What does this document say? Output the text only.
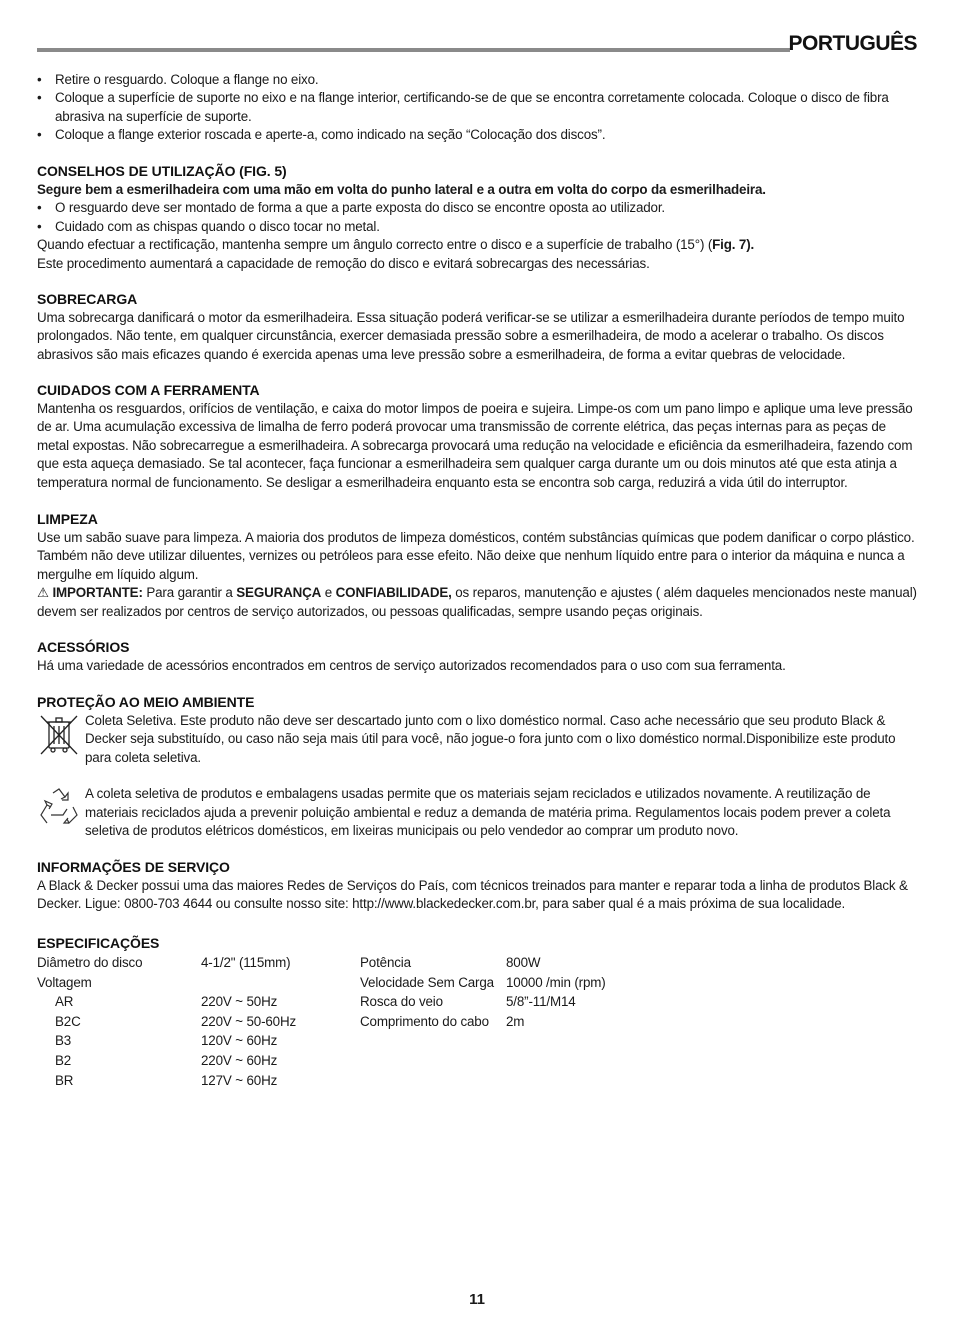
PORTUGUÊS
• Retire o resguardo. Coloque a flange no eixo.
• Coloque a superfície de suporte no eixo e na flange interior, certificando-se de que se encontra corretamente colocada. Coloque o disco de fibra abrasiva na superfície de suporte.
• Coloque a flange exterior roscada e aperte-a, como indicado na seção “Colocação dos discos”.
CONSELHOS DE UTILIZAÇÃO (FIG. 5)
Segure bem a esmerilhadeira com uma mão em volta do punho lateral e a outra em volta do corpo da esmerilhadeira.
• O resguardo deve ser montado de forma a que a parte exposta do disco se encontre oposta ao utilizador.
• Cuidado com as chispas quando o disco tocar no metal.
Quando efectuar a rectificação, mantenha sempre um ângulo correcto entre o disco e a superfície de trabalho (15°) (Fig. 7).
Este procedimento aumentará a capacidade de remoção do disco e evitará sobrecargas des necessárias.
SOBRECARGA
Uma sobrecarga danificará o motor da esmerilhadeira. Essa situação poderá verificar-se se utilizar a esmerilhadeira durante períodos de tempo muito prolongados. Não tente, em qualquer circunstância, exercer demasiada pressão sobre a esmerilhadeira, de modo a acelerar o trabalho. Os discos abrasivos são mais eficazes quando é exercida apenas uma leve pressão sobre a esmerilhadeira, de forma a evitar quebras de velocidade.
CUIDADOS COM A FERRAMENTA
Mantenha os resguardos, orifícios de ventilação, e caixa do motor limpos de poeira e sujeira. Limpe-os com um pano limpo e aplique uma leve pressão de ar. Uma acumulação excessiva de limalha de ferro poderá provocar uma transmissão de corrente elétrica, das peças internas para as peças de metal expostas. Não sobrecarregue a esmerilhadeira. A sobrecarga provocará uma redução na velocidade e eficiência da esmerilhadeira, fazendo com que esta aqueça demasiado. Se tal acontecer, faça funcionar a esmerilhadeira sem qualquer carga durante um ou dois minutos até que esta atinja a temperatura normal de funcionamento. Se desligar a esmerilhadeira enquanto esta se encontra sob carga, reduzirá a vida útil do interruptor.
LIMPEZA
Use um sabão suave para limpeza. A maioria dos produtos de limpeza domésticos, contém substâncias químicas que podem danificar o corpo plástico. Também não deve utilizar diluentes, vernizes ou petróleos para esse efeito. Não deixe que nenhum líquido entre para o interior da máquina e nunca a mergulhe em líquido algum.
⚠ IMPORTANTE: Para garantir a SEGURANÇA e CONFIABILIDADE, os reparos, manutenção e ajustes ( além daqueles mencionados neste manual) devem ser realizados por centros de serviço autorizados, ou pessoas qualificadas, sempre usando peças originais.
ACESSÓRIOS
Há uma variedade de acessórios encontrados em centros de serviço autorizados recomendados para o uso com sua ferramenta.
PROTEÇÃO AO MEIO AMBIENTE
Coleta Seletiva. Este produto não deve ser descartado junto com o lixo doméstico normal. Caso ache necessário que seu produto Black & Decker seja substituído, ou caso não seja mais útil para você, não jogue-o fora junto com o lixo doméstico normal.Disponibilize este produto para coleta seletiva.
A coleta seletiva de produtos e embalagens usadas permite que os materiais sejam reciclados e utilizados novamente. A reutilização de materiais reciclados ajuda a prevenir poluição ambiental e reduz a demanda de matéria prima. Regulamentos locais podem prever a coleta seletiva de produtos elétricos domésticos, em lixeiras municipais ou pelo vendedor ao comprar um produto novo.
INFORMAÇÕES DE SERVIÇO
A Black & Decker possui uma das maiores Redes de Serviços do País, com técnicos treinados para manter e reparar toda a linha de produtos Black & Decker. Ligue: 0800-703 4644 ou consulte nosso site: http://www.blackedecker.com.br, para saber qual é a mais próxima de sua localidade.
ESPECIFICAÇÕES
Diâmetro do disco	4-1/2" (115mm)
Voltagem	
AR	220V ~ 50Hz
B2C	220V ~ 50-60Hz
B3	120V ~ 60Hz
B2	220V ~ 60Hz
BR	127V ~ 60Hz
Potência	800W
Velocidade Sem Carga	10000 /min (rpm)
Rosca do veio	5/8”-11/M14
Comprimento do cabo	2m
11
